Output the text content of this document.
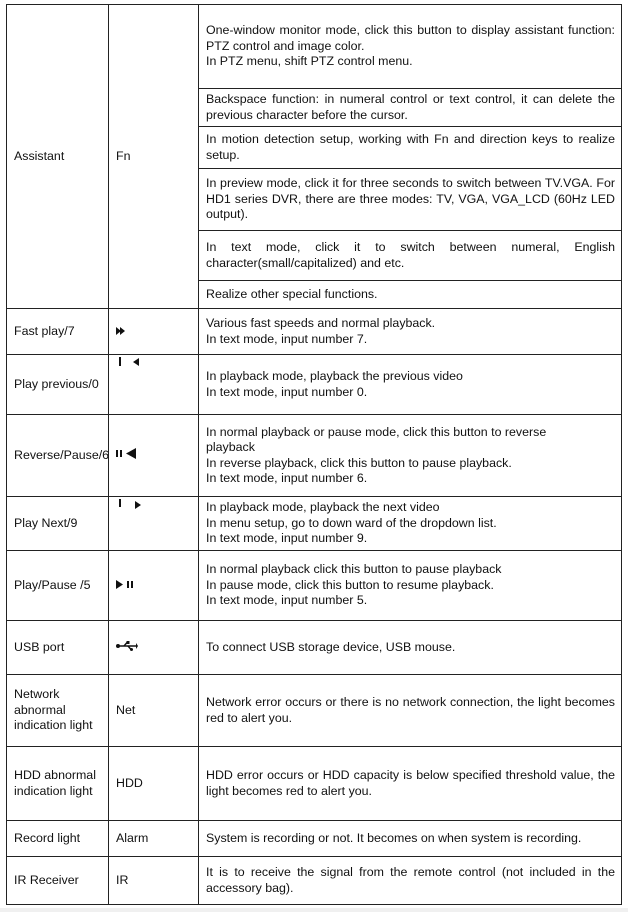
Assistant	Fn	One-window monitor mode, click this button to display assistant function: PTZ control and image color.
In PTZ menu, shift PTZ control menu.

		Backspace function: in numeral control or text control, it can delete the previous character before the cursor.

		In motion detection setup, working with Fn and direction keys to realize setup.

		In preview mode, click it for three seconds to switch between TV.VGA. For HD1 series DVR, there are three modes: TV, VGA, VGA_LCD (60Hz LED output).

		In text mode, click it to switch between numeral, English character(small/capitalized) and etc.

		Realize other special functions.

Fast play/7		Various fast speeds and normal playback.
In text mode, input number 7.

Play previous/0		In playback mode, playback the previous video
In text mode, input number 0.

Reverse/Pause/6		In normal playback or pause mode, click this button to reverse
playback
In reverse playback, click this button to pause playback.
In text mode, input number 6.

Play Next/9		In playback mode, playback the next video
In menu setup, go to down ward of the dropdown list.
In text mode, input number 9.

Play/Pause /5		In normal playback click this button to pause playback
In pause mode, click this button to resume playback.
In text mode, input number 5.

USB port		To connect USB storage device, USB mouse.

Network abnormal indication light	Net	Network error occurs or there is no network connection, the light becomes red to alert you.

HDD abnormal indication light	HDD	HDD error occurs or HDD capacity is below specified threshold value, the light becomes red to alert you.

Record light	Alarm	System is recording or not. It becomes on when system is recording.

IR Receiver	IR	It is to receive the signal from the remote control (not included in the accessory bag).
